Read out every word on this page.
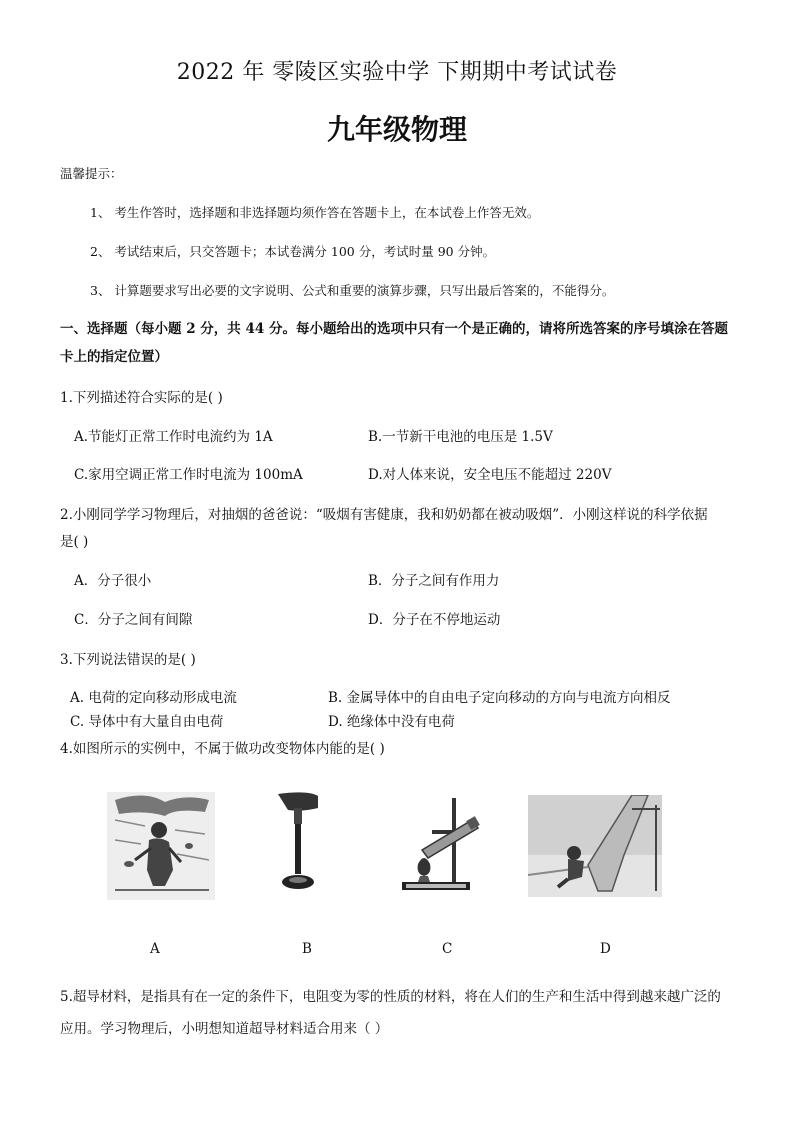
2022 年 零陵区实验中学 下期期中考试试卷
九年级物理
温馨提示：
1、 考生作答时，选择题和非选择题均须作答在答题卡上，在本试卷上作答无效。
2、 考试结束后，只交答题卡；本试卷满分 100 分，考试时量 90 分钟。
3、 计算题要求写出必要的文字说明、公式和重要的演算步骤，只写出最后答案的，不能得分。
一、选择题（每小题 2 分，共 44 分。每小题给出的选项中只有一个是正确的，请将所选答案的序号填涂在答题卡上的指定位置）
1.下列描述符合实际的是( )
A.节能灯正常工作时电流约为 1A	B.一节新干电池的电压是 1.5V
C.家用空调正常工作时电流为 100mA	D.对人体来说，安全电压不能超过 220V
2.小刚同学学习物理后，对抽烟的爸爸说：“吸烟有害健康，我和奶奶都在被动吸烟”．小刚这样说的科学依据
是( )
A．分子很小	B．分子之间有作用力
C．分子之间有间隙	D．分子在不停地运动
3.下列说法错误的是( )
A. 电荷的定向移动形成电流	B. 金属导体中的自由电子定向移动的方向与电流方向相反
C. 导体中有大量自由电荷	D. 绝缘体中没有电荷
4.如图所示的实例中，不属于做功改变物体内能的是( )
A	B	C	D
5.超导材料，是指具有在一定的条件下，电阻变为零的性质的材料，将在人们的生产和生活中得到越来越广泛的
应用。学习物理后，小明想知道超导材料适合用来（ ）
